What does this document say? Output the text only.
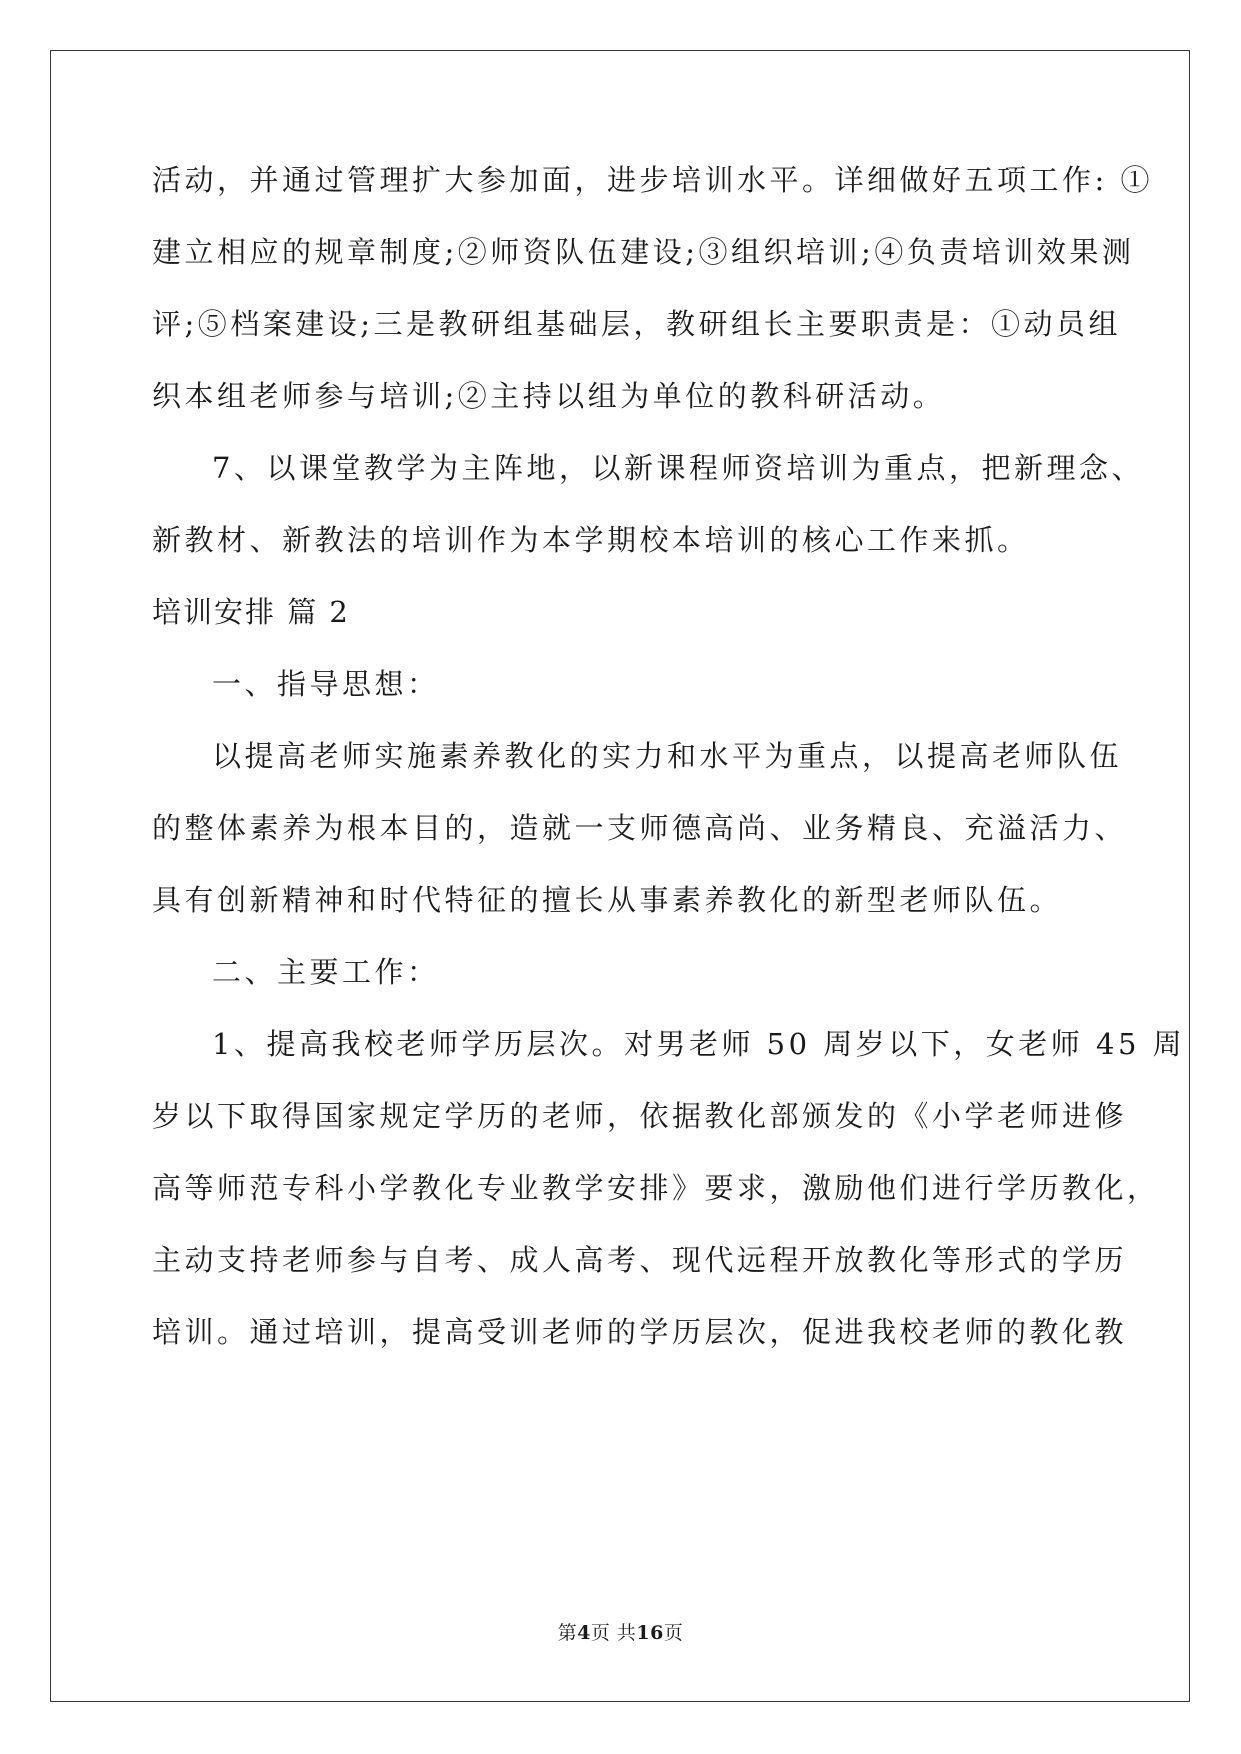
活动，并通过管理扩大参加面，进步培训水平。详细做好五项工作: ①
建立相应的规章制度;②师资队伍建设;③组织培训;④负责培训效果测
评;⑤档案建设;三是教研组基础层，教研组长主要职责是：①动员组
织本组老师参与培训;②主持以组为单位的教科研活动。
7、以课堂教学为主阵地，以新课程师资培训为重点，把新理念、
新教材、新教法的培训作为本学期校本培训的核心工作来抓。
培训安排 篇 2
一、指导思想：
以提高老师实施素养教化的实力和水平为重点，以提高老师队伍
的整体素养为根本目的，造就一支师德高尚、业务精良、充溢活力、
具有创新精神和时代特征的擅长从事素养教化的新型老师队伍。
二、主要工作：
1、提高我校老师学历层次。对男老师 50 周岁以下，女老师 45 周
岁以下取得国家规定学历的老师，依据教化部颁发的《小学老师进修
高等师范专科小学教化专业教学安排》要求，激励他们进行学历教化，
主动支持老师参与自考、成人高考、现代远程开放教化等形式的学历
培训。通过培训，提高受训老师的学历层次，促进我校老师的教化教
第4页 共16页
